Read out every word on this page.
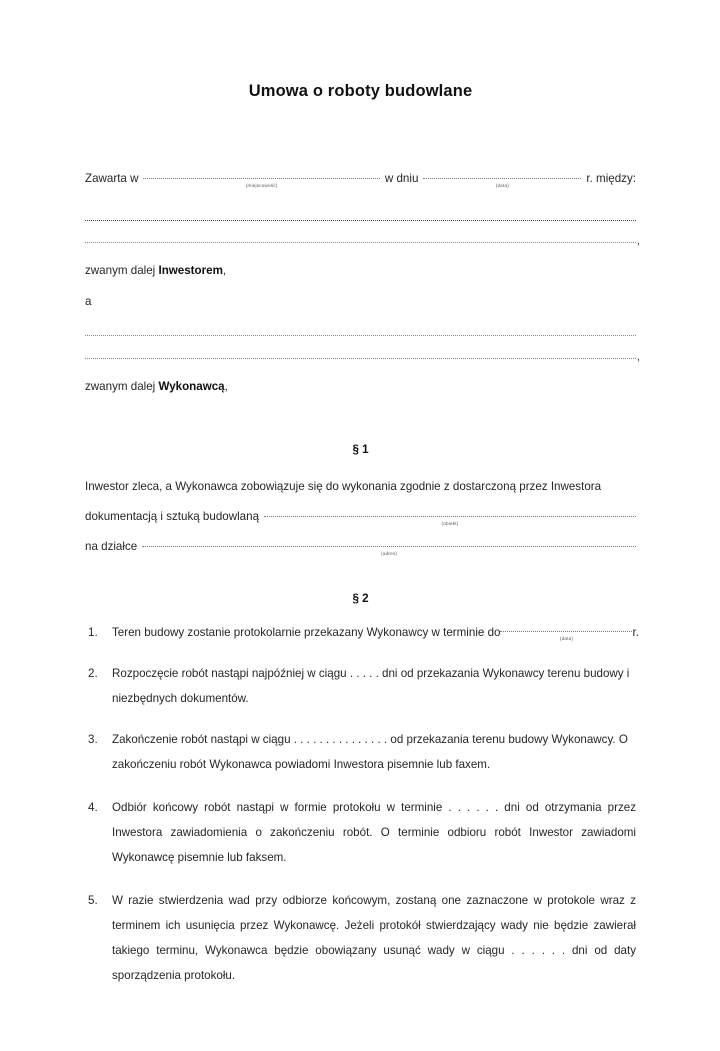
Umowa o roboty budowlane
Zawarta w
(miejscowość)
w dniu
(data)
r. między:
,
zwanym dalej Inwestorem,
a
,
zwanym dalej Wykonawcą,
§ 1
Inwestor zleca, a Wykonawca zobowiązuje się do wykonania zgodnie z dostarczoną przez Inwestora
dokumentacją i sztuką budowlaną
(obiekt)
na działce
(adres)
§ 2
1.	Teren budowy zostanie protokolarnie przekazany Wykonawcy w terminie do	(data)	r.
2.	Rozpoczęcie robót nastąpi najpóźniej w ciągu . . . . . dni od przekazania Wykonawcy terenu budowy i niezbędnych dokumentów.
3.	Zakończenie robót nastąpi w ciągu . . . . . . . . . . . . . . . od przekazania terenu budowy Wykonawcy. O zakończeniu robót Wykonawca powiadomi Inwestora pisemnie lub faxem.
4.	Odbiór końcowy robót nastąpi w formie protokołu w terminie . . . . . . dni od otrzymania przez Inwestora zawiadomienia o zakończeniu robót. O terminie odbioru robót Inwestor zawiadomi Wykonawcę pisemnie lub faksem.
5.	W razie stwierdzenia wad przy odbiorze końcowym, zostaną one zaznaczone w protokole wraz z terminem ich usunięcia przez Wykonawcę. Jeżeli protokół stwierdzający wady nie będzie zawierał takiego terminu, Wykonawca będzie obowiązany usunąć wady w ciągu . . . . . . dni od daty sporządzenia protokołu.
